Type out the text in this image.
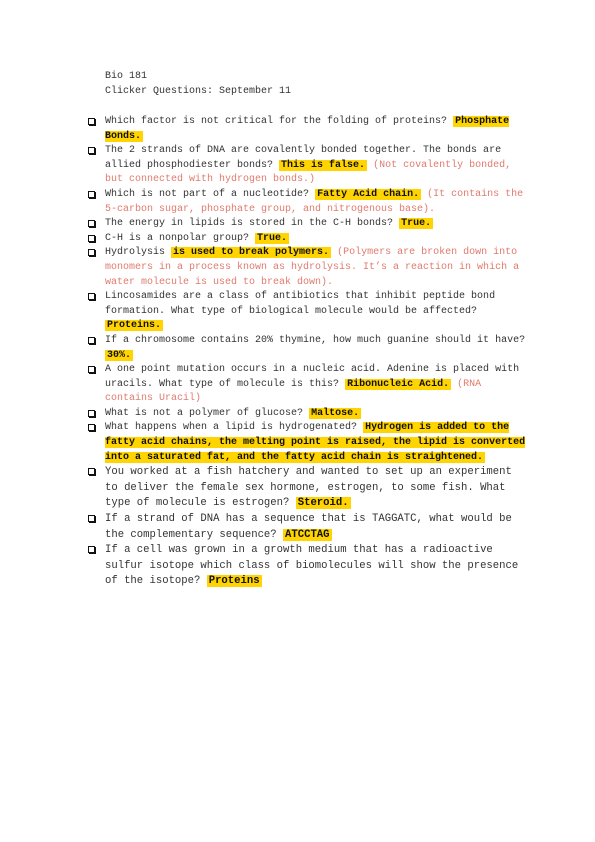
Bio 181
Clicker Questions: September 11
Which factor is not critical for the folding of proteins? Phosphate Bonds.
The 2 strands of DNA are covalently bonded together. The bonds are allied phosphodiester bonds? This is false. (Not covalently bonded, but connected with hydrogen bonds.)
Which is not part of a nucleotide? Fatty Acid chain. (It contains the 5-carbon sugar, phosphate group, and nitrogenous base).
The energy in lipids is stored in the C-H bonds? True.
C-H is a nonpolar group? True.
Hydrolysis is used to break polymers. (Polymers are broken down into monomers in a process known as hydrolysis. It’s a reaction in which a water molecule is used to break down).
Lincosamides are a class of antibiotics that inhibit peptide bond formation. What type of biological molecule would be affected? Proteins.
If a chromosome contains 20% thymine, how much guanine should it have? 30%.
A one point mutation occurs in a nucleic acid. Adenine is placed with uracils. What type of molecule is this? Ribonucleic Acid. (RNA contains Uracil)
What is not a polymer of glucose? Maltose.
What happens when a lipid is hydrogenated? Hydrogen is added to the fatty acid chains, the melting point is raised, the lipid is converted into a saturated fat, and the fatty acid chain is straightened.
You worked at a fish hatchery and wanted to set up an experiment to deliver the female sex hormone, estrogen, to some fish. What type of molecule is estrogen? Steroid.
If a strand of DNA has a sequence that is TAGGATC, what would be the complementary sequence? ATCCTAG
If a cell was grown in a growth medium that has a radioactive sulfur isotope which class of biomolecules will show the presence of the isotope? Proteins
